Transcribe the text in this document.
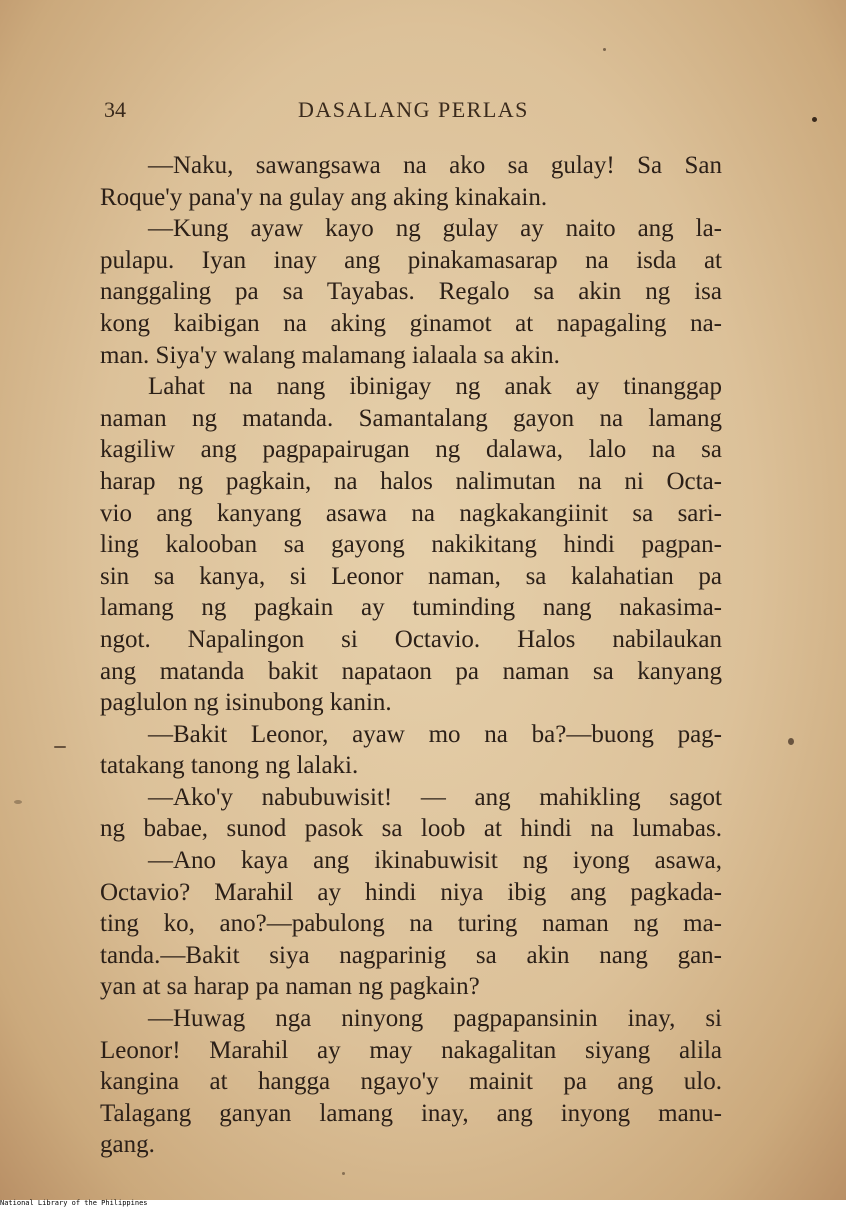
34	DASALANG PERLAS
—Naku, sawangsawa na ako sa gulay! Sa San
Roque'y pana'y na gulay ang aking kinakain.
—Kung ayaw kayo ng gulay ay naito ang la-
pulapu. Iyan inay ang pinakamasarap na isda at
nanggaling pa sa Tayabas. Regalo sa akin ng isa
kong kaibigan na aking ginamot at napagaling na-
man. Siya'y walang malamang ialaala sa akin.
Lahat na nang ibinigay ng anak ay tinanggap
naman ng matanda. Samantalang gayon na lamang
kagiliw ang pagpapairugan ng dalawa, lalo na sa
harap ng pagkain, na halos nalimutan na ni Octa-
vio ang kanyang asawa na nagkakangiinit sa sari-
ling kalooban sa gayong nakikitang hindi pagpan-
sin sa kanya, si Leonor naman, sa kalahatian pa
lamang ng pagkain ay tuminding nang nakasima-
ngot. Napalingon si Octavio. Halos nabilaukan
ang matanda bakit napataon pa naman sa kanyang
paglulon ng isinubong kanin.
—Bakit Leonor, ayaw mo na ba?—buong pag-
tatakang tanong ng lalaki.
—Ako'y nabubuwisit! — ang mahikling sagot
ng babae, sunod pasok sa loob at hindi na lumabas.
—Ano kaya ang ikinabuwisit ng iyong asawa,
Octavio? Marahil ay hindi niya ibig ang pagkada-
ting ko, ano?—pabulong na turing naman ng ma-
tanda.—Bakit siya nagparinig sa akin nang gan-
yan at sa harap pa naman ng pagkain?
—Huwag nga ninyong pagpapansinin inay, si
Leonor! Marahil ay may nakagalitan siyang alila
kangina at hangga ngayo'y mainit pa ang ulo.
Talagang ganyan lamang inay, ang inyong manu-
gang.
National Library of the Philippines
